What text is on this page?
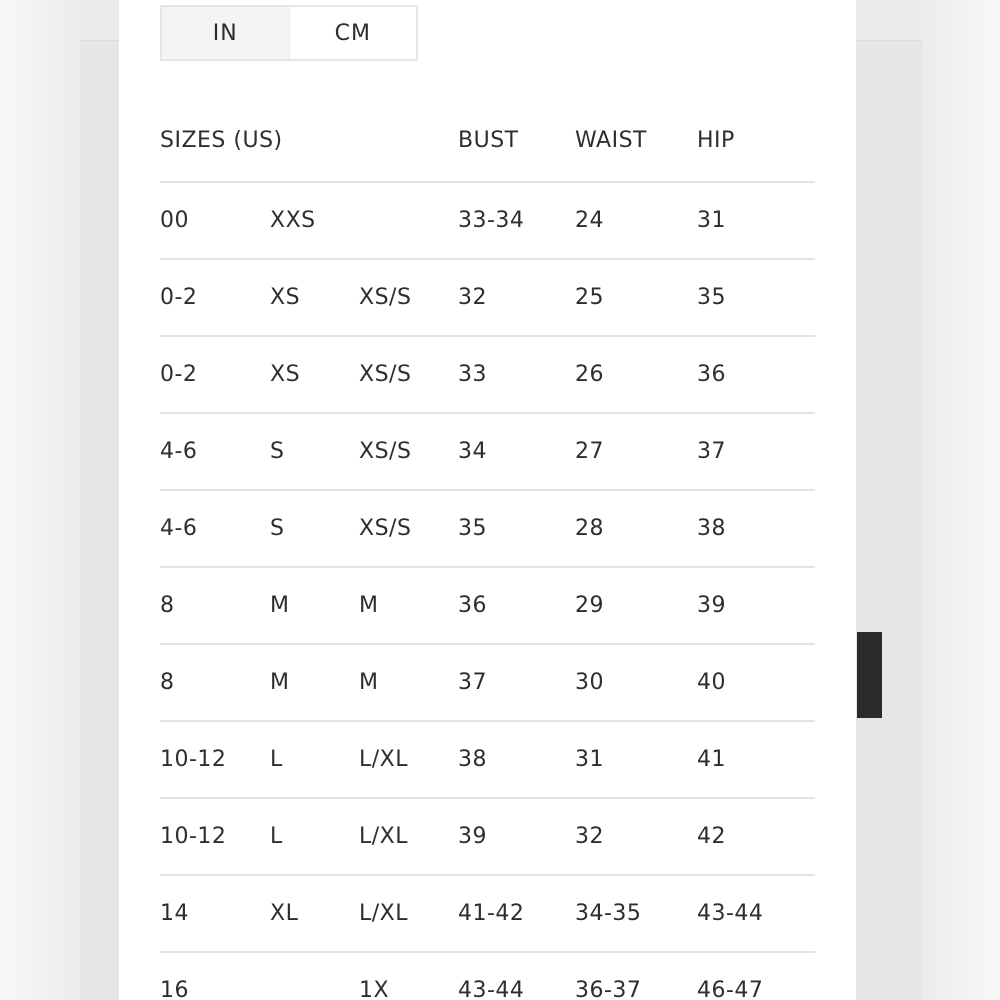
IN	CM
SIZES (US)			BUST	WAIST	HIP
00	XXS		33-34	24	31
0-2	XS	XS/S	32	25	35
0-2	XS	XS/S	33	26	36
4-6	S	XS/S	34	27	37
4-6	S	XS/S	35	28	38
8	M	M	36	29	39
8	M	M	37	30	40
10-12	L	L/XL	38	31	41
10-12	L	L/XL	39	32	42
14	XL	L/XL	41-42	34-35	43-44
16		1X	43-44	36-37	46-47
